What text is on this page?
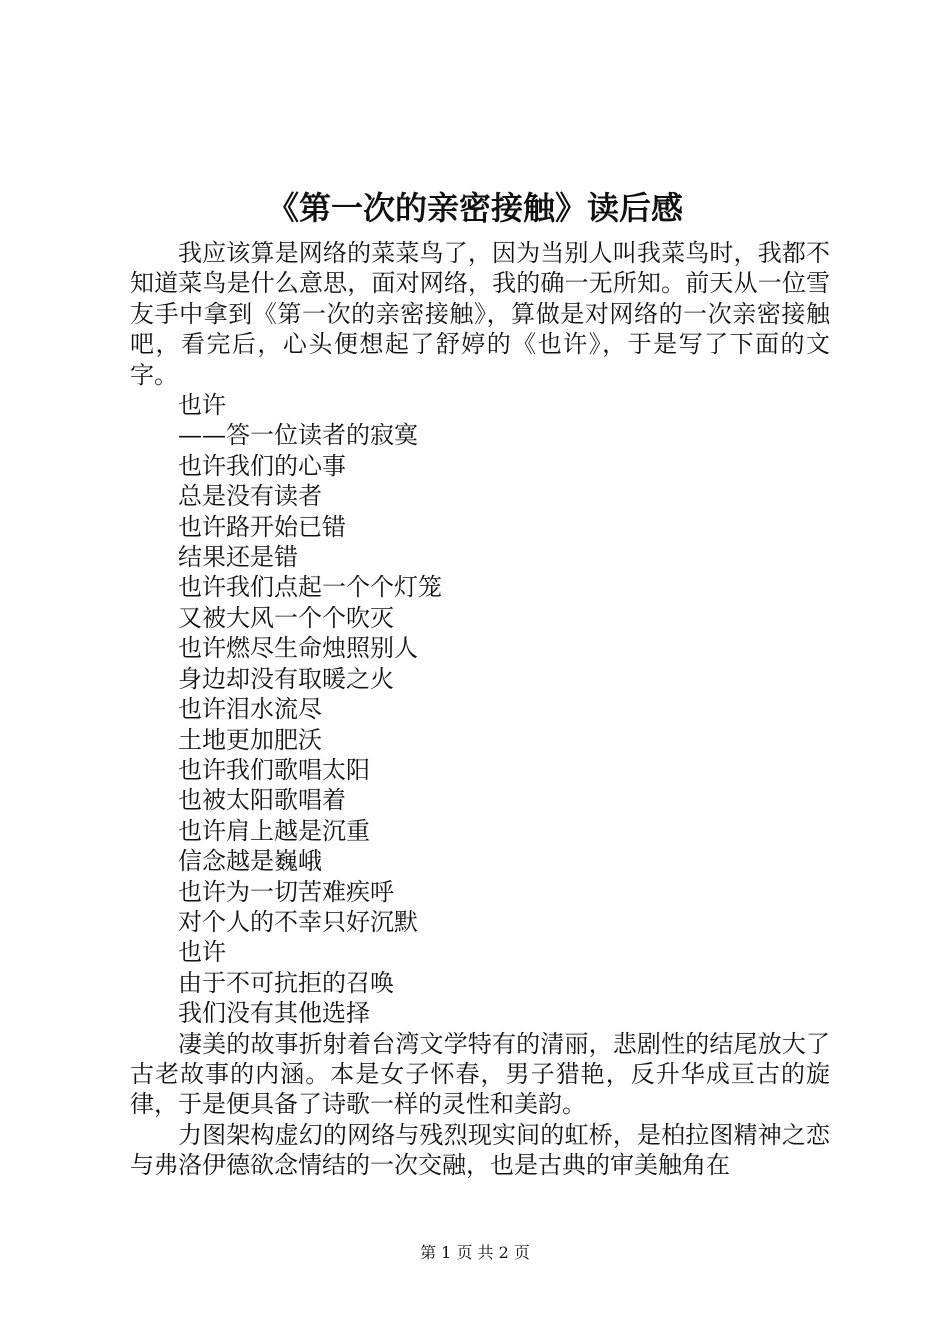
《第一次的亲密接触》读后感

我应该算是网络的菜菜鸟了，因为当别人叫我菜鸟时，我都不知道菜鸟是什么意思，面对网络，我的确一无所知。前天从一位雪友手中拿到《第一次的亲密接触》，算做是对网络的一次亲密接触吧，看完后，心头便想起了舒婷的《也许》，于是写了下面的文字。

也许

——答一位读者的寂寞

也许我们的心事

总是没有读者

也许路开始已错

结果还是错

也许我们点起一个个灯笼

又被大风一个个吹灭

也许燃尽生命烛照别人

身边却没有取暖之火

也许泪水流尽

土地更加肥沃

也许我们歌唱太阳

也被太阳歌唱着

也许肩上越是沉重

信念越是巍峨

也许为一切苦难疾呼

对个人的不幸只好沉默

也许

由于不可抗拒的召唤

我们没有其他选择

凄美的故事折射着台湾文学特有的清丽，悲剧性的结尾放大了古老故事的内涵。本是女子怀春，男子猎艳，反升华成亘古的旋律，于是便具备了诗歌一样的灵性和美韵。

力图架构虚幻的网络与残烈现实间的虹桥，是柏拉图精神之恋与弗洛伊德欲念情结的一次交融，也是古典的审美触角在

第 1 页 共 2 页
